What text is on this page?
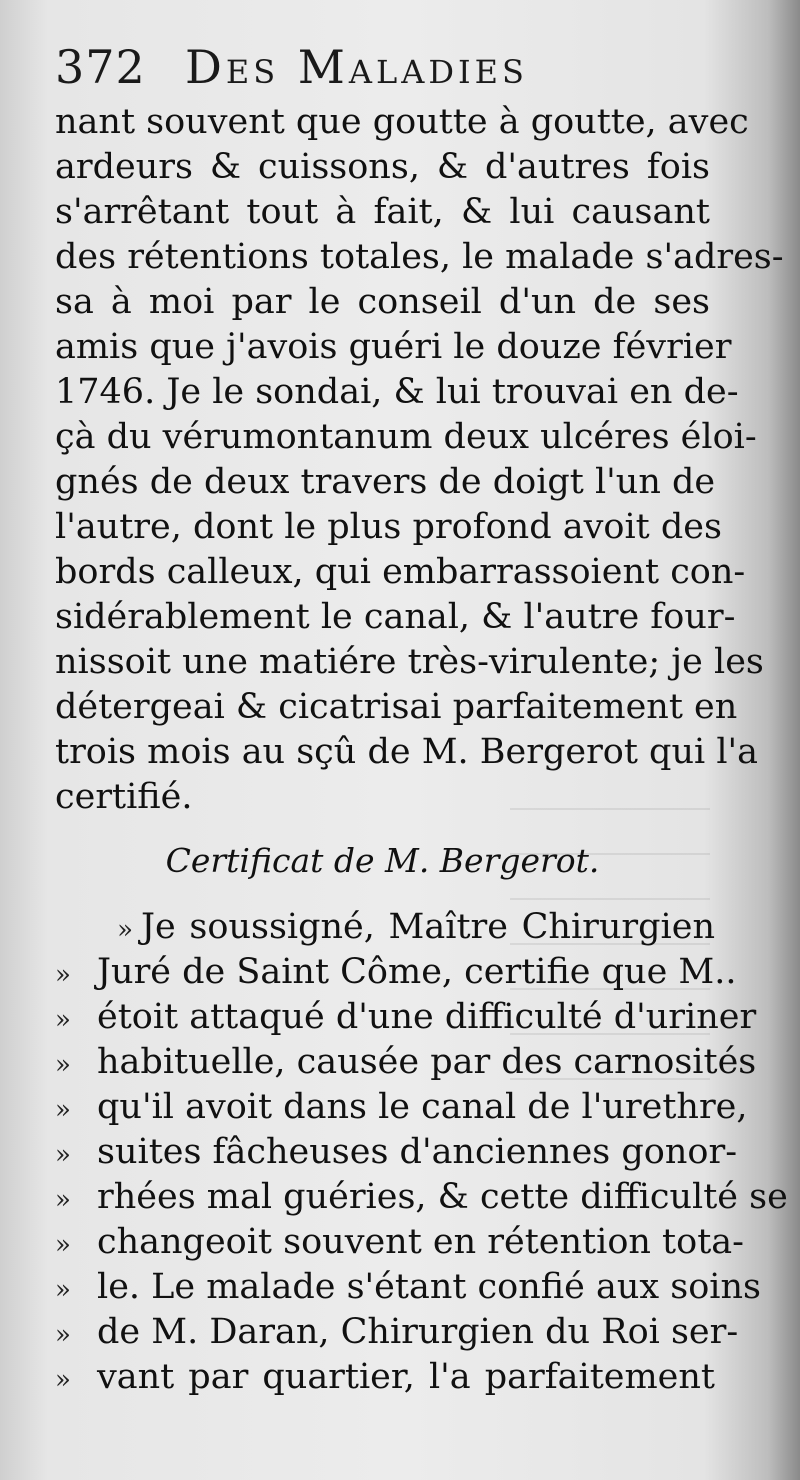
372 Des Maladies
nant souvent que goutte à goutte, avec
ardeurs & cuissons, & d'autres fois
s'arrêtant tout à fait, & lui causant
des rétentions totales, le malade s'adres-
sa à moi par le conseil d'un de ses
amis que j'avois guéri le douze février
1746. Je le sondai, & lui trouvai en de-
çà du vérumontanum deux ulcéres éloi-
gnés de deux travers de doigt l'un de
l'autre, dont le plus profond avoit des
bords calleux, qui embarrassoient con-
sidérablement le canal, & l'autre four-
nissoit une matiére très-virulente; je les
détergeai & cicatrisai parfaitement en
trois mois au sçû de M. Bergerot qui l'a
certifié.
Certificat de M. Bergerot.
» Je soussigné, Maître Chirurgien
» Juré de Saint Côme, certifie que M..
» étoit attaqué d'une difficulté d'uriner
» habituelle, causée par des carnosités
» qu'il avoit dans le canal de l'urethre,
» suites fâcheuses d'anciennes gonor-
» rhées mal guéries, & cette difficulté se
» changeoit souvent en rétention tota-
» le. Le malade s'étant confié aux soins
» de M. Daran, Chirurgien du Roi ser-
» vant par quartier, l'a parfaitement
